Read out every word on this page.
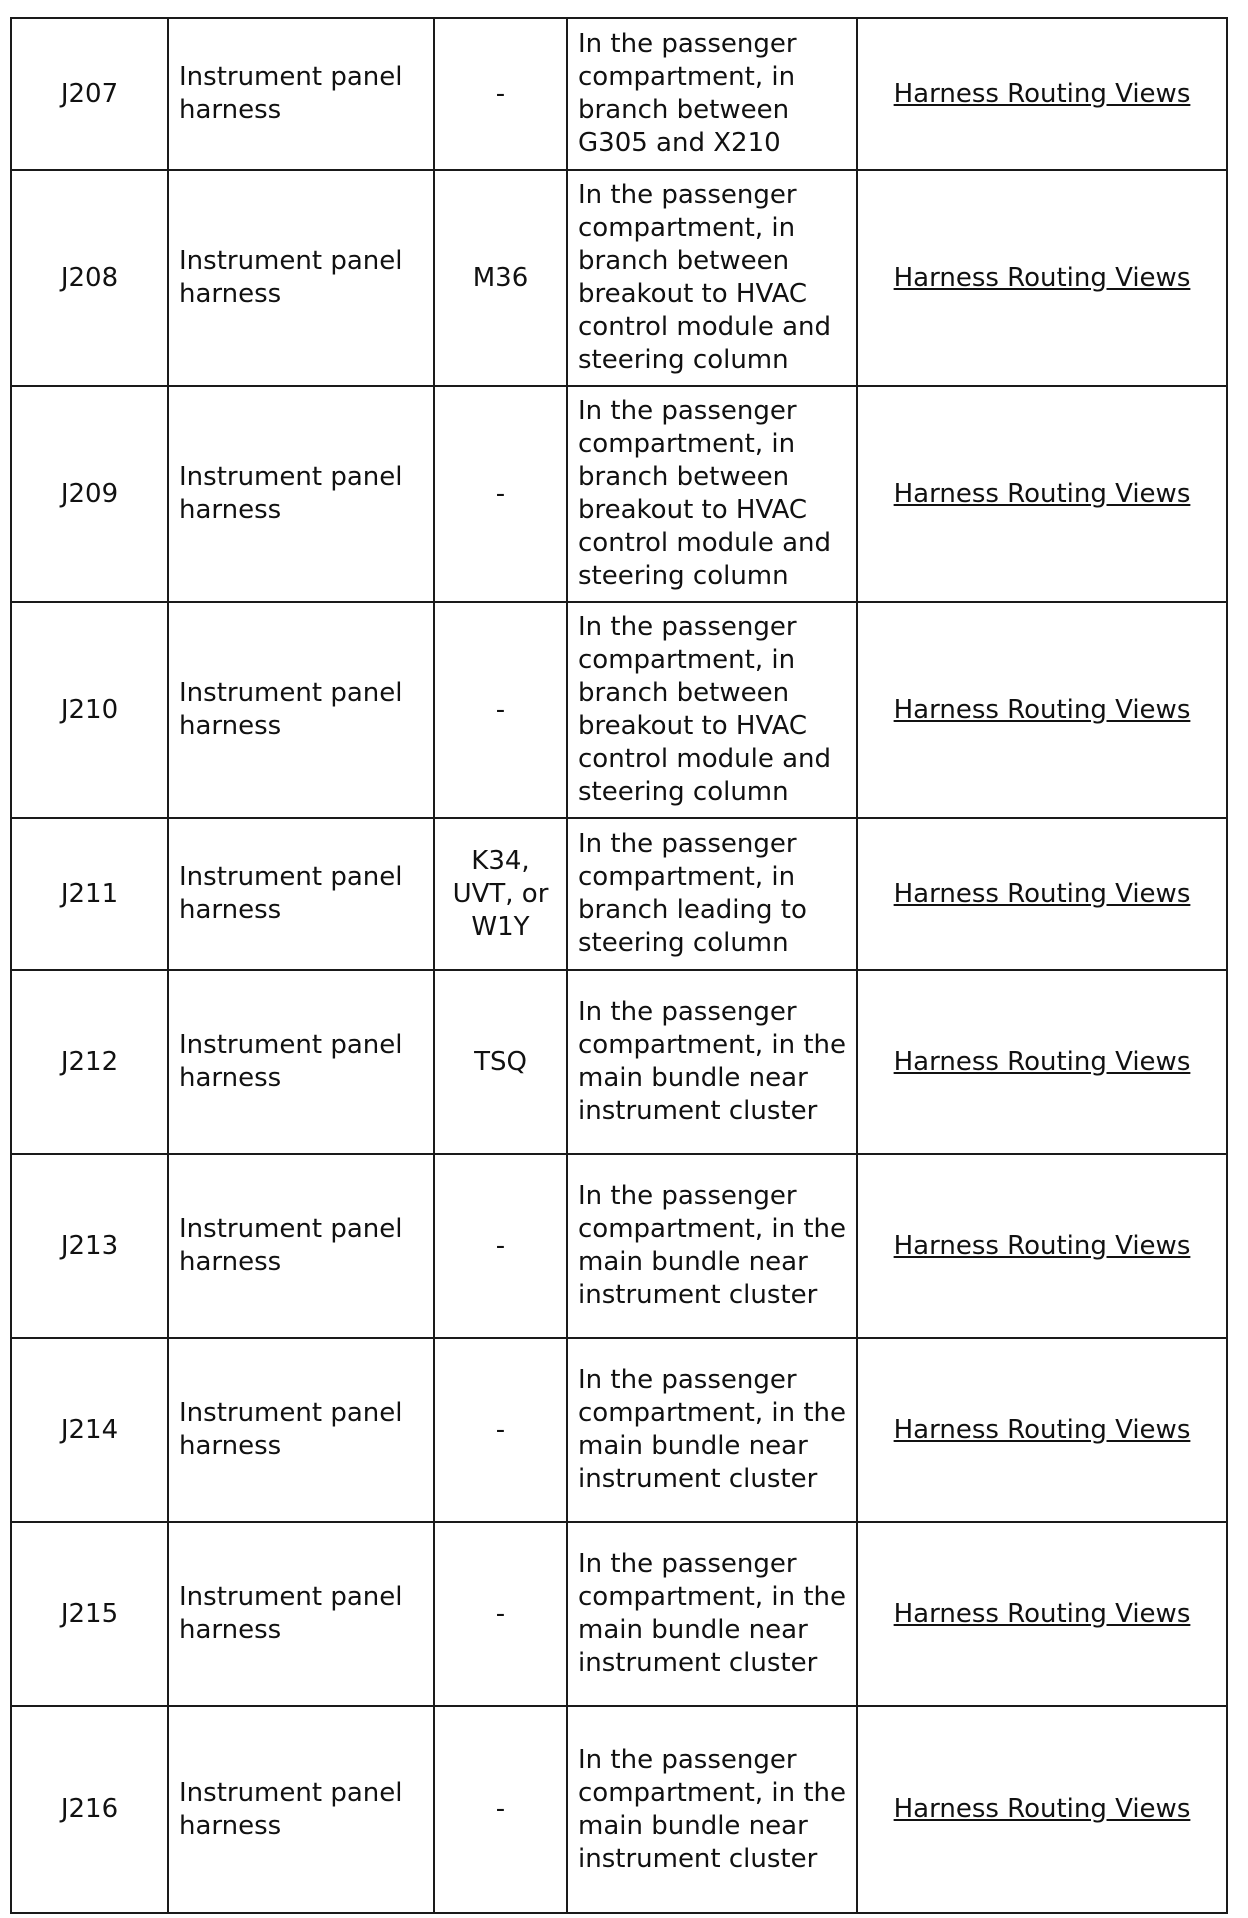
J207	Instrument panel harness	-	In the passenger compartment, in branch between G305 and X210	Harness Routing Views
J208	Instrument panel harness	M36	In the passenger compartment, in branch between breakout to HVAC control module and steering column	Harness Routing Views
J209	Instrument panel harness	-	In the passenger compartment, in branch between breakout to HVAC control module and steering column	Harness Routing Views
J210	Instrument panel harness	-	In the passenger compartment, in branch between breakout to HVAC control module and steering column	Harness Routing Views
J211	Instrument panel harness	K34, UVT, or W1Y	In the passenger compartment, in branch leading to steering column	Harness Routing Views
J212	Instrument panel harness	TSQ	In the passenger compartment, in the main bundle near instrument cluster	Harness Routing Views
J213	Instrument panel harness	-	In the passenger compartment, in the main bundle near instrument cluster	Harness Routing Views
J214	Instrument panel harness	-	In the passenger compartment, in the main bundle near instrument cluster	Harness Routing Views
J215	Instrument panel harness	-	In the passenger compartment, in the main bundle near instrument cluster	Harness Routing Views
J216	Instrument panel harness	-	In the passenger compartment, in the main bundle near instrument cluster	Harness Routing Views
